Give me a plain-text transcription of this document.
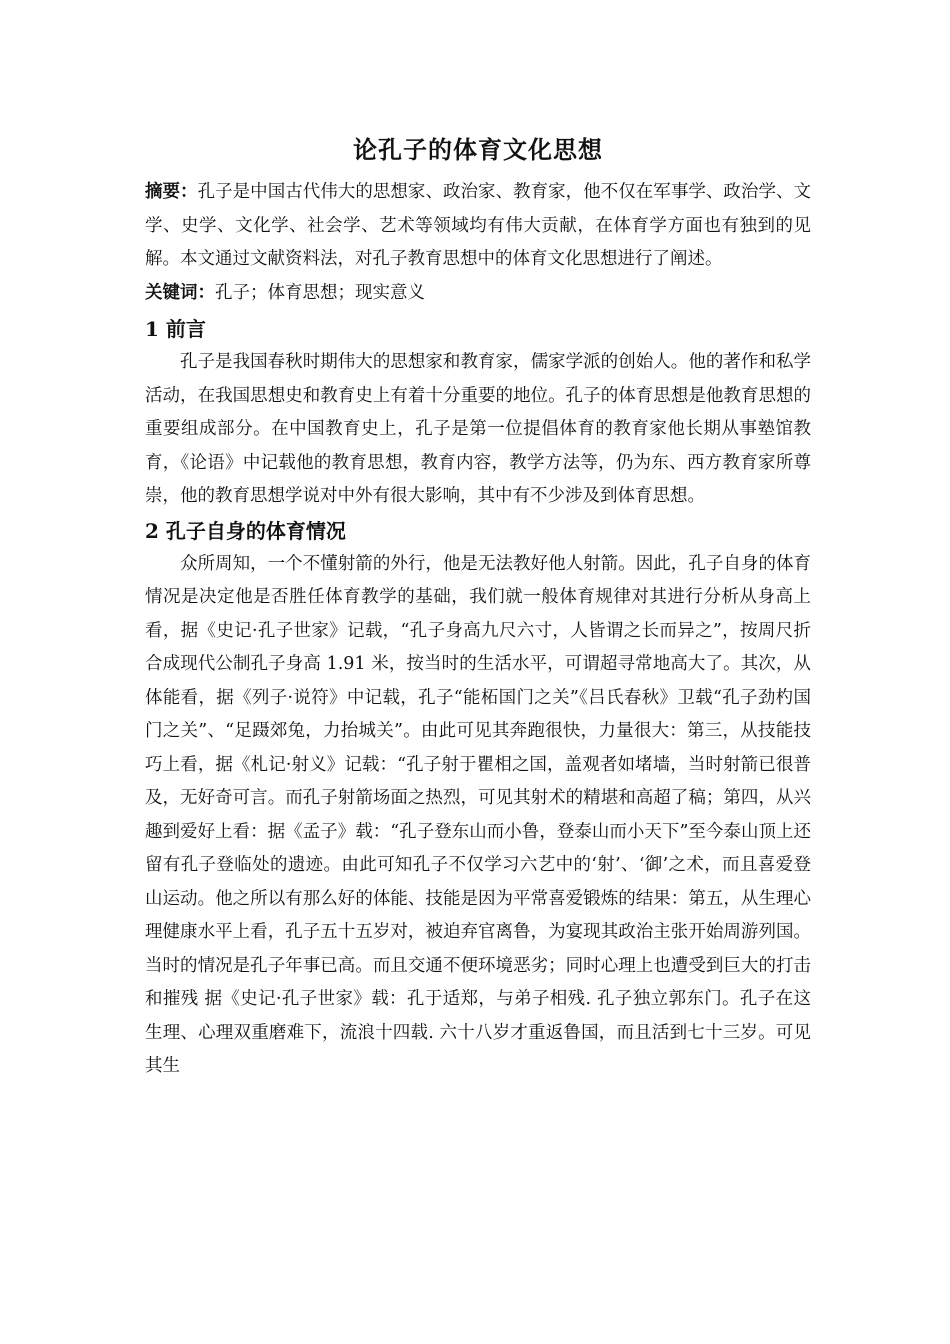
论孔子的体育文化思想

摘要：孔子是中国古代伟大的思想家、政治家、教育家，他不仅在军事学、政治学、文学、史学、文化学、社会学、艺术等领域均有伟大贡献，在体育学方面也有独到的见解。本文通过文献资料法，对孔子教育思想中的体育文化思想进行了阐述。

关键词：孔子；体育思想；现实意义

1 前言

孔子是我国春秋时期伟大的思想家和教育家，儒家学派的创始人。他的著作和私学活动，在我国思想史和教育史上有着十分重要的地位。孔子的体育思想是他教育思想的重要组成部分。在中国教育史上，孔子是第一位提倡体育的教育家他长期从事塾馆教育，《论语》中记载他的教育思想，教育内容，教学方法等，仍为东、西方教育家所尊崇，他的教育思想学说对中外有很大影响，其中有不少涉及到体育思想。

2 孔子自身的体育情况

众所周知，一个不懂射箭的外行，他是无法教好他人射箭。因此，孔子自身的体育情况是决定他是否胜任体育教学的基础，我们就一般体育规律对其进行分析从身高上看，据《史记·孔子世家》记载，“孔子身高九尺六寸，人皆谓之长而异之”，按周尺折合成现代公制孔子身高 1.91 米，按当时的生活水平，可谓超寻常地高大了。其次，从体能看，据《列子·说符》中记载，孔子“能柘国门之关”《吕氏春秋》卫载“孔子劲杓国门之关”、“足蹑郊兔，力抬城关”。由此可见其奔跑很快，力量很大：第三，从技能技巧上看，据《札记·射义》记载：“孔子射于瞿相之国，盖观者如堵墙，当时射箭已很普及，无好奇可言。而孔子射箭场面之热烈，可见其射术的精堪和高超了稿；第四，从兴趣到爱好上看：据《孟子》载：“孔子登东山而小鲁，登泰山而小天下”至今泰山顶上还留有孔子登临处的遗迹。由此可知孔子不仅学习六艺中的‘射’、‘御’之术，而且喜爱登山运动。他之所以有那么好的体能、技能是因为平常喜爱锻炼的结果：第五，从生理心理健康水平上看，孔子五十五岁对，被迫弃官离鲁，为宴现其政治主张开始周游列国。当时的情况是孔子年事已高。而且交通不便环境恶劣；同时心理上也遭受到巨大的打击和摧残 据《史记·孔子世家》载：孔于适郑，与弟子相残. 孔子独立郭东门。孔子在这生理、心理双重磨难下，流浪十四载. 六十八岁才重返鲁国，而且活到七十三岁。可见其生
